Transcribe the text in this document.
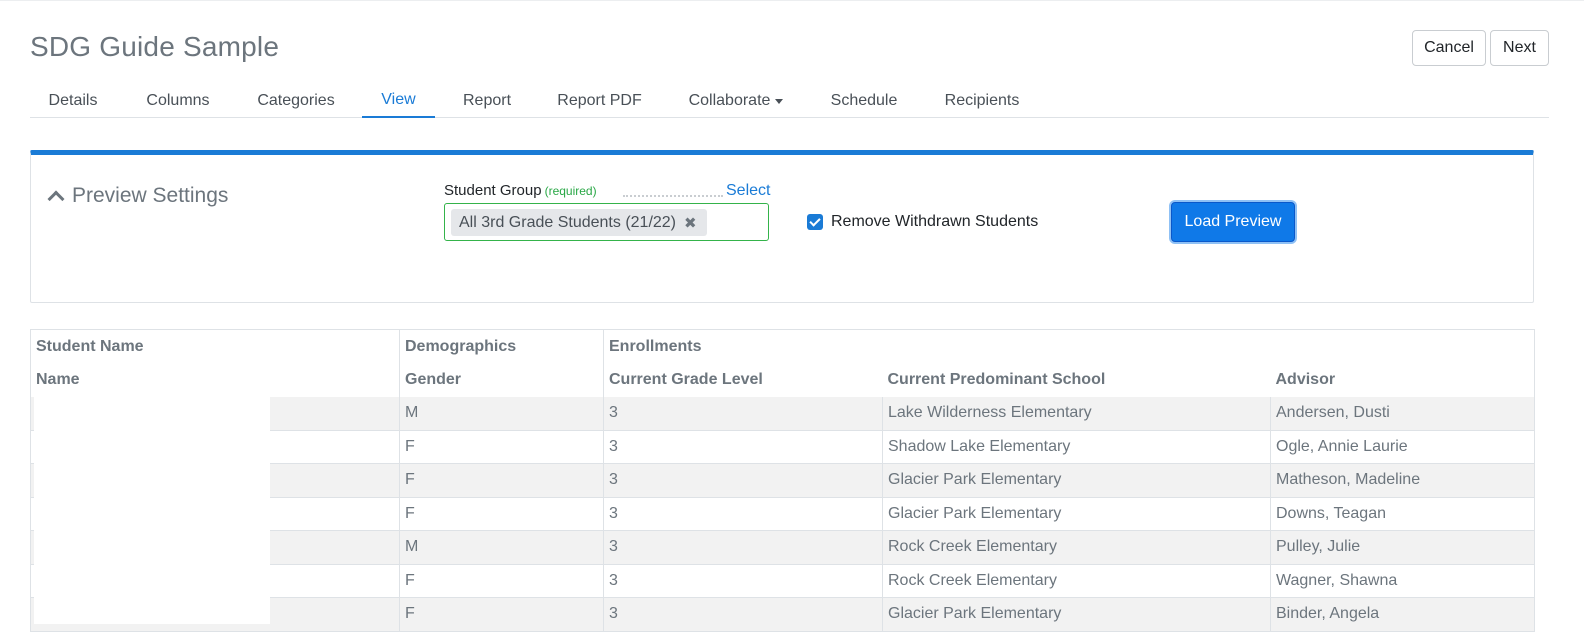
SDG Guide Sample	Cancel	Next
Details	Columns	Categories	View	Report	Report PDF	Collaborate	Schedule	Recipients
Preview Settings	Student Group (required)	Select
All 3rd Grade Students (21/22) ✖	Remove Withdrawn Students	Load Preview
Student Name	Demographics	Enrollments		
Name	Gender	Current Grade Level	Current Predominant School	Advisor
	M	3	Lake Wilderness Elementary	Andersen, Dusti
	F	3	Shadow Lake Elementary	Ogle, Annie Laurie
	F	3	Glacier Park Elementary	Matheson, Madeline
	F	3	Glacier Park Elementary	Downs, Teagan
	M	3	Rock Creek Elementary	Pulley, Julie
	F	3	Rock Creek Elementary	Wagner, Shawna
	F	3	Glacier Park Elementary	Binder, Angela
